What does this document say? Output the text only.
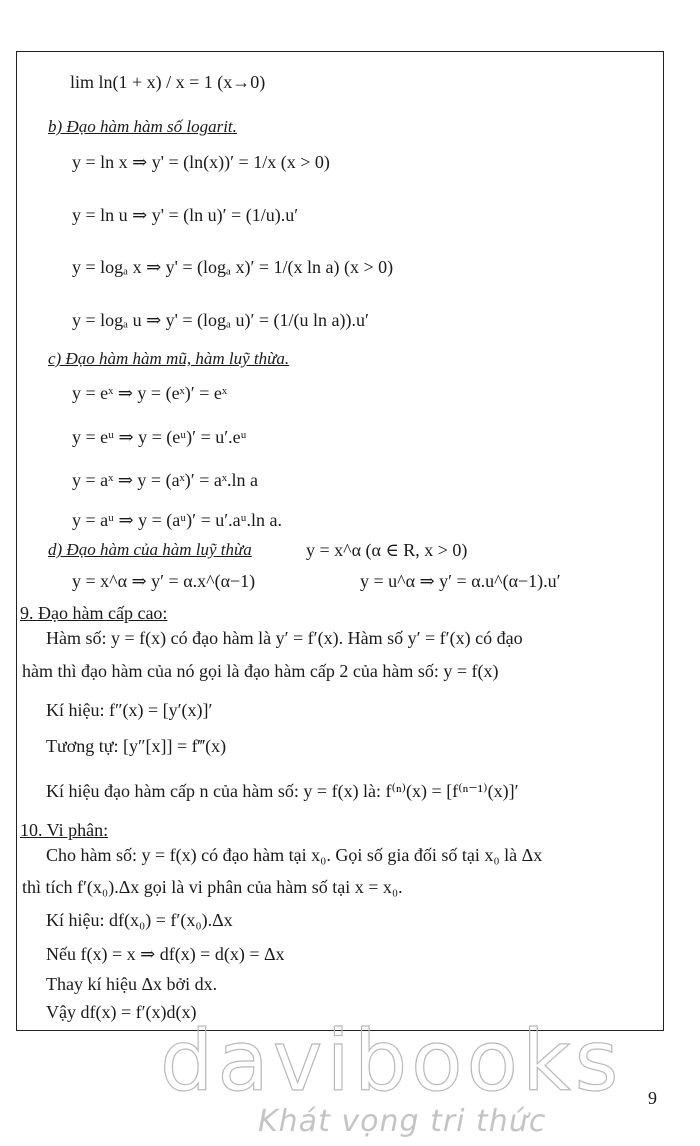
lim ln(1 + x) / x = 1 (x→0)
b) Đạo hàm hàm số logarit.
y = ln x ⇒ y' = (ln(x))′ = 1/x (x > 0)
y = ln u ⇒ y' = (ln u)′ = (1/u).u′
y = logₐ x ⇒ y' = (logₐ x)′ = 1/(x ln a) (x > 0)
y = logₐ u ⇒ y' = (logₐ u)′ = (1/(u ln a)).u′
c) Đạo hàm hàm mũ, hàm luỹ thừa.
y = eˣ ⇒ y = (eˣ)′ = eˣ
y = eᵘ ⇒ y = (eᵘ)′ = u′.eᵘ
y = aˣ ⇒ y = (aˣ)′ = aˣ.ln a
y = aᵘ ⇒ y = (aᵘ)′ = u′.aᵘ.ln a.
d) Đạo hàm của hàm luỹ thừa	y = x^α (α ∈ R, x > 0)
y = x^α ⇒ y′ = α.x^(α−1)	y = u^α ⇒ y′ = α.u^(α−1).u′
9. Đạo hàm cấp cao:
Hàm số: y = f(x) có đạo hàm là y′ = f′(x). Hàm số y′ = f′(x) có đạo
hàm thì đạo hàm của nó gọi là đạo hàm cấp 2 của hàm số: y = f(x)
Kí hiệu: f″(x) = [y′(x)]′
Tương tự: [y″[x]] = f‴(x)
Kí hiệu đạo hàm cấp n của hàm số: y = f(x) là: f⁽ⁿ⁾(x) = [f⁽ⁿ⁻¹⁾(x)]′
10. Vi phân:
Cho hàm số: y = f(x) có đạo hàm tại x₀. Gọi số gia đối số tại x₀ là Δx
thì tích f′(x₀).Δx gọi là vi phân của hàm số tại x = x₀.
Kí hiệu: df(x₀) = f′(x₀).Δx
Nếu f(x) = x ⇒ df(x) = d(x) = Δx
Thay kí hiệu Δx bởi dx.
Vậy df(x) = f′(x)d(x)
davibooks
Khát vọng tri thức
9
